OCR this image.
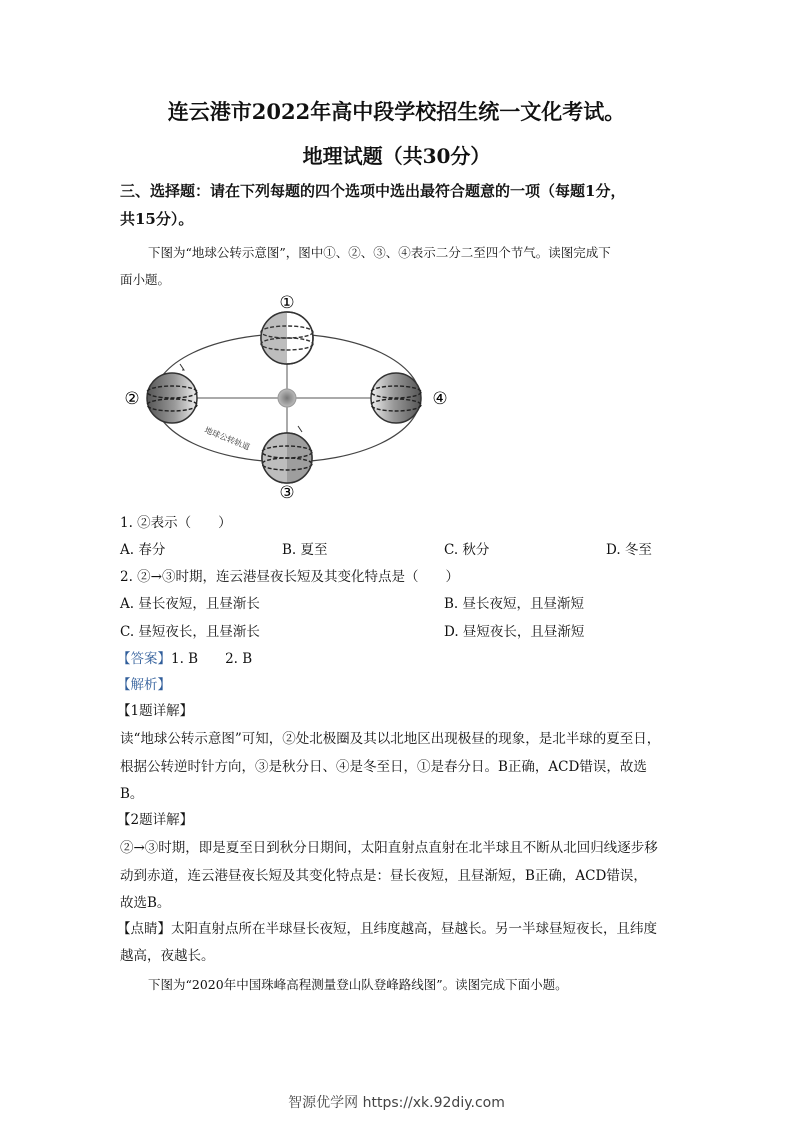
连云港市2022年高中段学校招生统一文化考试。
地理试题（共30分）
三、选择题：请在下列每题的四个选项中选出最符合题意的一项（每题1分，
共15分）。
下图为“地球公转示意图”，图中①、②、③、④表示二分二至四个节气。读图完成下
面小题。
①
②
③
④
地球公转轨道
1. ②表示（　　）
A. 春分	B. 夏至	C. 秋分	D. 冬至
2. ②→③时期，连云港昼夜长短及其变化特点是（　　）
A. 昼长夜短，且昼渐长	B. 昼长夜短，且昼渐短
C. 昼短夜长，且昼渐长	D. 昼短夜长，且昼渐短
【答案】1. B　　2. B
【解析】
【1题详解】
读“地球公转示意图”可知，②处北极圈及其以北地区出现极昼的现象，是北半球的夏至日，
根据公转逆时针方向，③是秋分日、④是冬至日，①是春分日。B正确，ACD错误，故选
B。
【2题详解】
②→③时期，即是夏至日到秋分日期间，太阳直射点直射在北半球且不断从北回归线逐步移
动到赤道，连云港昼夜长短及其变化特点是：昼长夜短，且昼渐短，B正确，ACD错误，
故选B。
【点睛】太阳直射点所在半球昼长夜短，且纬度越高，昼越长。另一半球昼短夜长，且纬度
越高，夜越长。
下图为“2020年中国珠峰高程测量登山队登峰路线图”。读图完成下面小题。
智源优学网 https://xk.92diy.com
